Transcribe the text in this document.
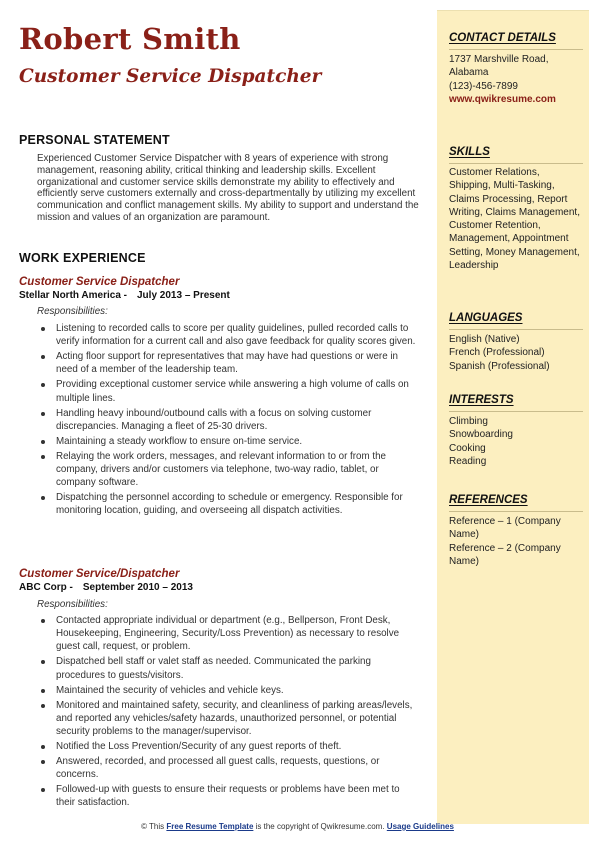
Robert Smith
Customer Service Dispatcher
PERSONAL STATEMENT
Experienced Customer Service Dispatcher with 8 years of experience with strong management, reasoning ability, critical thinking and leadership skills. Excellent organizational and customer service skills demonstrate my ability to effectively and efficiently serve customers externally and cross-departmentally by utilizing my excellent communication and conflict management skills. My ability to support and understand the mission and values of an organization are paramount.
WORK EXPERIENCE
Customer Service Dispatcher
Stellar North America - July 2013 – Present
Responsibilities:
Listening to recorded calls to score per quality guidelines, pulled recorded calls to verify information for a current call and also gave feedback for quality scores given.
Acting floor support for representatives that may have had questions or were in need of a member of the leadership team.
Providing exceptional customer service while answering a high volume of calls on multiple lines.
Handling heavy inbound/outbound calls with a focus on solving customer discrepancies. Managing a fleet of 25-30 drivers.
Maintaining a steady workflow to ensure on-time service.
Relaying the work orders, messages, and relevant information to or from the company, drivers and/or customers via telephone, two-way radio, tablet, or company software.
Dispatching the personnel according to schedule or emergency. Responsible for monitoring location, guiding, and overseeing all dispatch activities.
Customer Service/Dispatcher
ABC Corp - September 2010 – 2013
Responsibilities:
Contacted appropriate individual or department (e.g., Bellperson, Front Desk, Housekeeping, Engineering, Security/Loss Prevention) as necessary to resolve guest call, request, or problem.
Dispatched bell staff or valet staff as needed. Communicated the parking procedures to guests/visitors.
Maintained the security of vehicles and vehicle keys.
Monitored and maintained safety, security, and cleanliness of parking areas/levels, and reported any vehicles/safety hazards, unauthorized personnel, or potential security problems to the manager/supervisor.
Notified the Loss Prevention/Security of any guest reports of theft.
Answered, recorded, and processed all guest calls, requests, questions, or concerns.
Followed-up with guests to ensure their requests or problems have been met to their satisfaction.
CONTACT DETAILS
1737 Marshville Road,
Alabama
(123)-456-7899
www.qwikresume.com
SKILLS
Customer Relations, Shipping, Multi-Tasking, Claims Processing, Report Writing, Claims Management, Customer Retention, Management, Appointment Setting, Money Management, Leadership
LANGUAGES
English (Native)
French (Professional)
Spanish (Professional)
INTERESTS
Climbing
Snowboarding
Cooking
Reading
REFERENCES
Reference – 1 (Company Name)
Reference – 2 (Company Name)
© This Free Resume Template is the copyright of Qwikresume.com. Usage Guidelines
